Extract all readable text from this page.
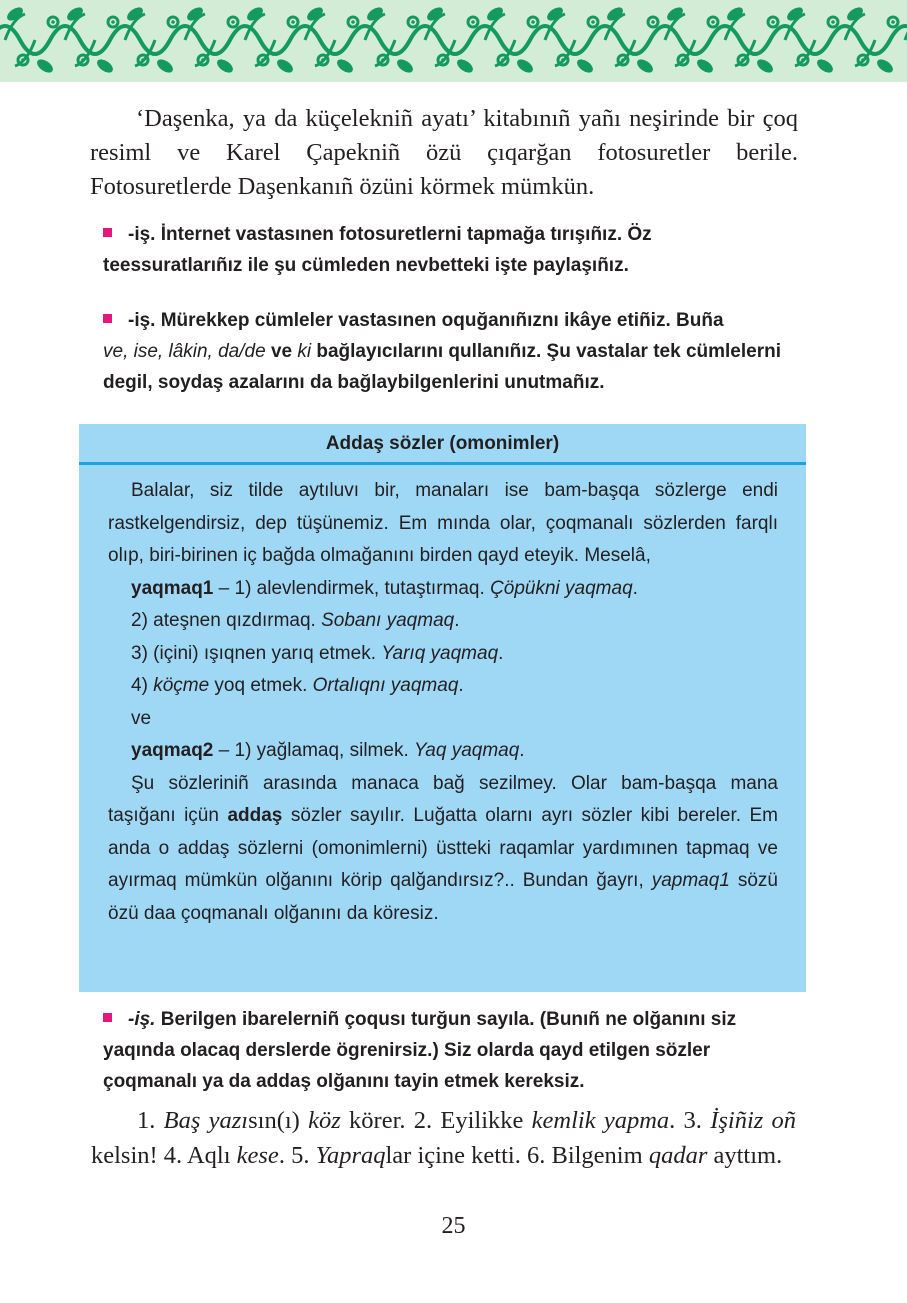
‘Daşenka, ya da küçelekniñ ayatı’ kitabınıñ yañı neşirinde bir çoq resiml ve Karel Çapekniñ özü çıqarğan fotosuretler berile. Fotosuretlerde Daşenkanıñ özüni körmek mümkün.

-iş. İnternet vastasınen fotosuretlerni tapmağa tırışıñız. Öz teessuratlarıñız ile şu cümleden nevbetteki işte paylaşıñız.
-iş. Mürekkep cümleler vastasınen oquğanıñıznı ikâye etiñiz. Buña
ve, ise, lâkin, da/de ve ki bağlayıcılarını qullanıñız. Şu vastalar tek cümlelerni degil, soydaş azalarını da bağlaybilgenlerini unutmañız.
Addaş sözler (omonimler)
Balalar, siz tilde aytıluvı bir, manaları ise bam-başqa sözlerge endi rastkelgendirsiz, dep tüşünemiz. Em mında olar, çoqmanalı sözlerden farqlı olıp, biri-birinen iç bağda olmağanını birden qayd eteyik. Meselâ,
yaqmaq1 – 1) alevlendirmek, tutaştırmaq. Çöpükni yaqmaq.
2) ateşnen qızdırmaq. Sobanı yaqmaq.
3) (içini) ışıqnen yarıq etmek. Yarıq yaqmaq.
4) köçme yoq etmek. Ortalıqnı yaqmaq.
ve
yaqmaq2 – 1) yağlamaq, silmek. Yaq yaqmaq.
Şu sözleriniñ arasında manaca bağ sezilmey. Olar bam-başqa mana taşığanı içün addaş sözler sayılır. Luğatta olarnı ayrı sözler kibi bereler. Em anda o addaş sözlerni (omonimlerni) üstteki raqamlar yardımınen tapmaq ve ayırmaq mümkün olğanını körip qalğandırsız?.. Bundan ğayrı, yapmaq1 sözü özü daa çoqmanalı olğanını da köresiz.
-iş. Berilgen ibarelerniñ çoqusı turğun sayıla. (Bunıñ ne olğanını siz yaqında olacaq derslerde ögrenirsiz.) Siz olarda qayd etilgen sözler çoqmanalı ya da addaş olğanını tayin etmek kereksiz.

1. Baş yazısın(ı) köz körer. 2. Eyilikke kemlik yapma. 3. İşiñiz oñ kelsin! 4. Aqlı kese. 5. Yapraqlar içine ketti. 6. Bilgenim qadar ayttım.

25
